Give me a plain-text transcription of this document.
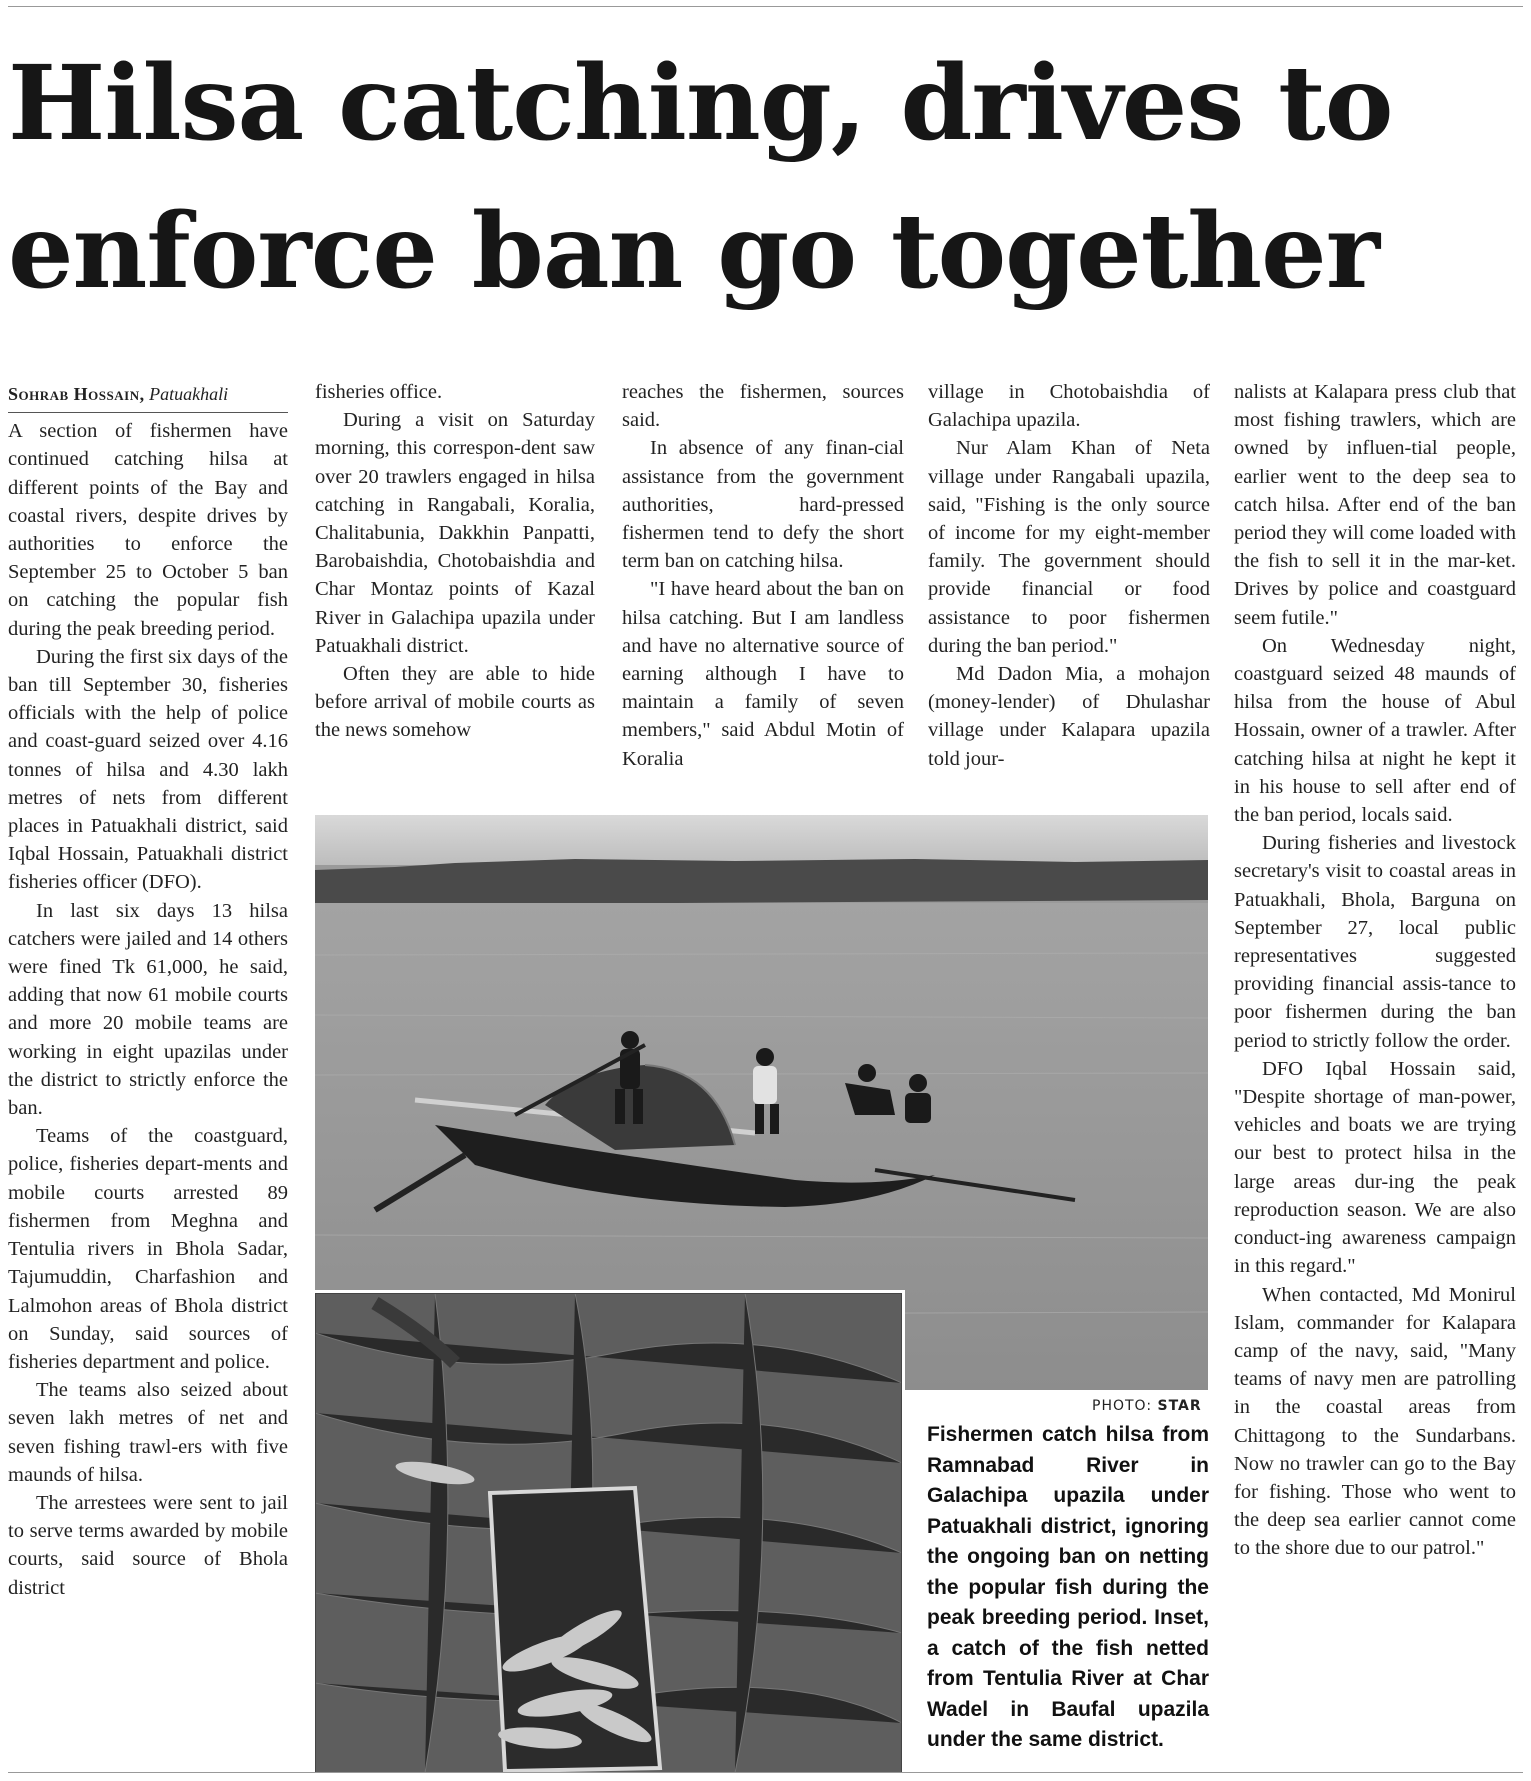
Hilsa catching, drives to enforce ban go together
Sohrab Hossain, Patuakhali

A section of fishermen have continued catching hilsa at different points of the Bay and coastal rivers, despite drives by authorities to enforce the September 25 to October 5 ban on catching the popular fish during the peak breeding period.

During the first six days of the ban till September 30, fisheries officials with the help of police and coast-guard seized over 4.16 tonnes of hilsa and 4.30 lakh metres of nets from different places in Patuakhali district, said Iqbal Hossain, Patuakhali district fisheries officer (DFO).

In last six days 13 hilsa catchers were jailed and 14 others were fined Tk 61,000, he said, adding that now 61 mobile courts and more 20 mobile teams are working in eight upazilas under the district to strictly enforce the ban.

Teams of the coastguard, police, fisheries depart-ments and mobile courts arrested 89 fishermen from Meghna and Tentulia rivers in Bhola Sadar, Tajumuddin, Charfashion and Lalmohon areas of Bhola district on Sunday, said sources of fisheries department and police.

The teams also seized about seven lakh metres of net and seven fishing trawl-ers with five maunds of hilsa.

The arrestees were sent to jail to serve terms awarded by mobile courts, said source of Bhola district

fisheries office.

During a visit on Saturday morning, this correspon-dent saw over 20 trawlers engaged in hilsa catching in Rangabali, Koralia, Chalitabunia, Dakkhin Panpatti, Barobaishdia, Chotobaishdia and Char Montaz points of Kazal River in Galachipa upazila under Patuakhali district.

Often they are able to hide before arrival of mobile courts as the news somehow

reaches the fishermen, sources said.

In absence of any finan-cial assistance from the government authorities, hard-pressed fishermen tend to defy the short term ban on catching hilsa.

"I have heard about the ban on hilsa catching. But I am landless and have no alternative source of earning although I have to maintain a family of seven members," said Abdul Motin of Koralia

village in Chotobaishdia of Galachipa upazila.

Nur Alam Khan of Neta village under Rangabali upazila, said, "Fishing is the only source of income for my eight-member family. The government should provide financial or food assistance to poor fishermen during the ban period."

Md Dadon Mia, a mohajon (money-lender) of Dhulashar village under Kalapara upazila told jour-

nalists at Kalapara press club that most fishing trawlers, which are owned by influen-tial people, earlier went to the deep sea to catch hilsa. After end of the ban period they will come loaded with the fish to sell it in the mar-ket. Drives by police and coastguard seem futile."

On Wednesday night, coastguard seized 48 maunds of hilsa from the house of Abul Hossain, owner of a trawler. After catching hilsa at night he kept it in his house to sell after end of the ban period, locals said.

During fisheries and livestock secretary's visit to coastal areas in Patuakhali, Bhola, Barguna on September 27, local public representatives suggested providing financial assis-tance to poor fishermen during the ban period to strictly follow the order.

DFO Iqbal Hossain said, "Despite shortage of man-power, vehicles and boats we are trying our best to protect hilsa in the large areas dur-ing the peak reproduction season. We are also conduct-ing awareness campaign in this regard."

When contacted, Md Monirul Islam, commander for Kalapara camp of the navy, said, "Many teams of navy men are patrolling in the coastal areas from Chittagong to the Sundarbans. Now no trawler can go to the Bay for fishing. Those who went to the deep sea earlier cannot come to the shore due to our patrol."

PHOTO: STAR
Fishermen catch hilsa from Ramnabad River in Galachipa upazila under Patuakhali district, ignoring the ongoing ban on netting the popular fish during the peak breeding period. Inset, a catch of the fish netted from Tentulia River at Char Wadel in Baufal upazila under the same district.
